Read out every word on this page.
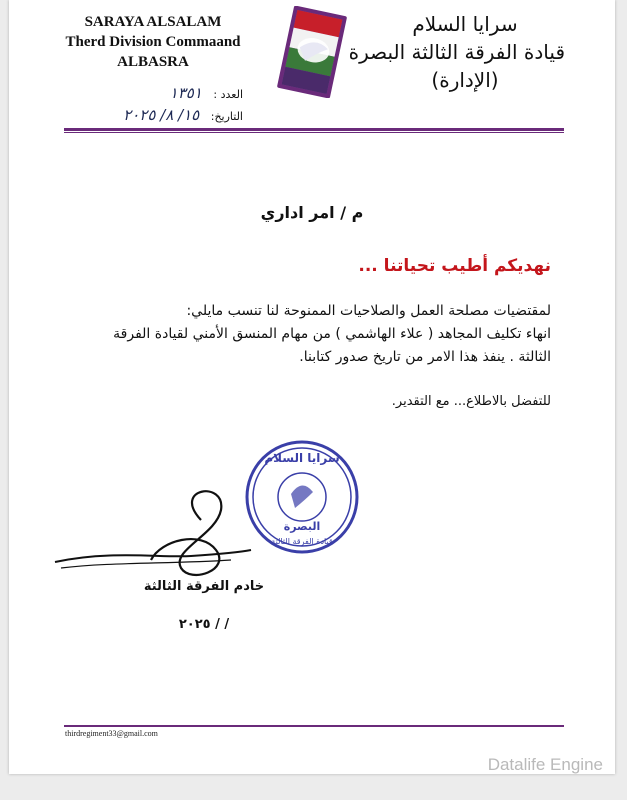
SARAYA ALSALAM
Therd Division Commaand
ALBASRA
سرايا السلام
قيادة الفرقة الثالثة البصرة
(الإدارة)
العدد : ١٣٥١
التاريخ: ١٥/ ٨/ ٢٠٢٥
م / امر اداري
نهديكم أطيب تحياتنا ...
لمقتضيات مصلحة العمل والصلاحيات الممنوحة لنا تنسب مايلي:
انهاء تكليف المجاهد ( علاء الهاشمي ) من مهام المنسق الأمني لقيادة الفرقة
الثالثة . ينفذ هذا الامر من تاريخ صدور كتابنا.
للتفضل بالاطلاع... مع التقدير.
سرايا السلام
البصرة
قيادة الفرقة الثالثة
خادم الفرقة الثالثة
/ / ٢٠٢٥
thirdregiment33@gmail.com
Datalife Engine
